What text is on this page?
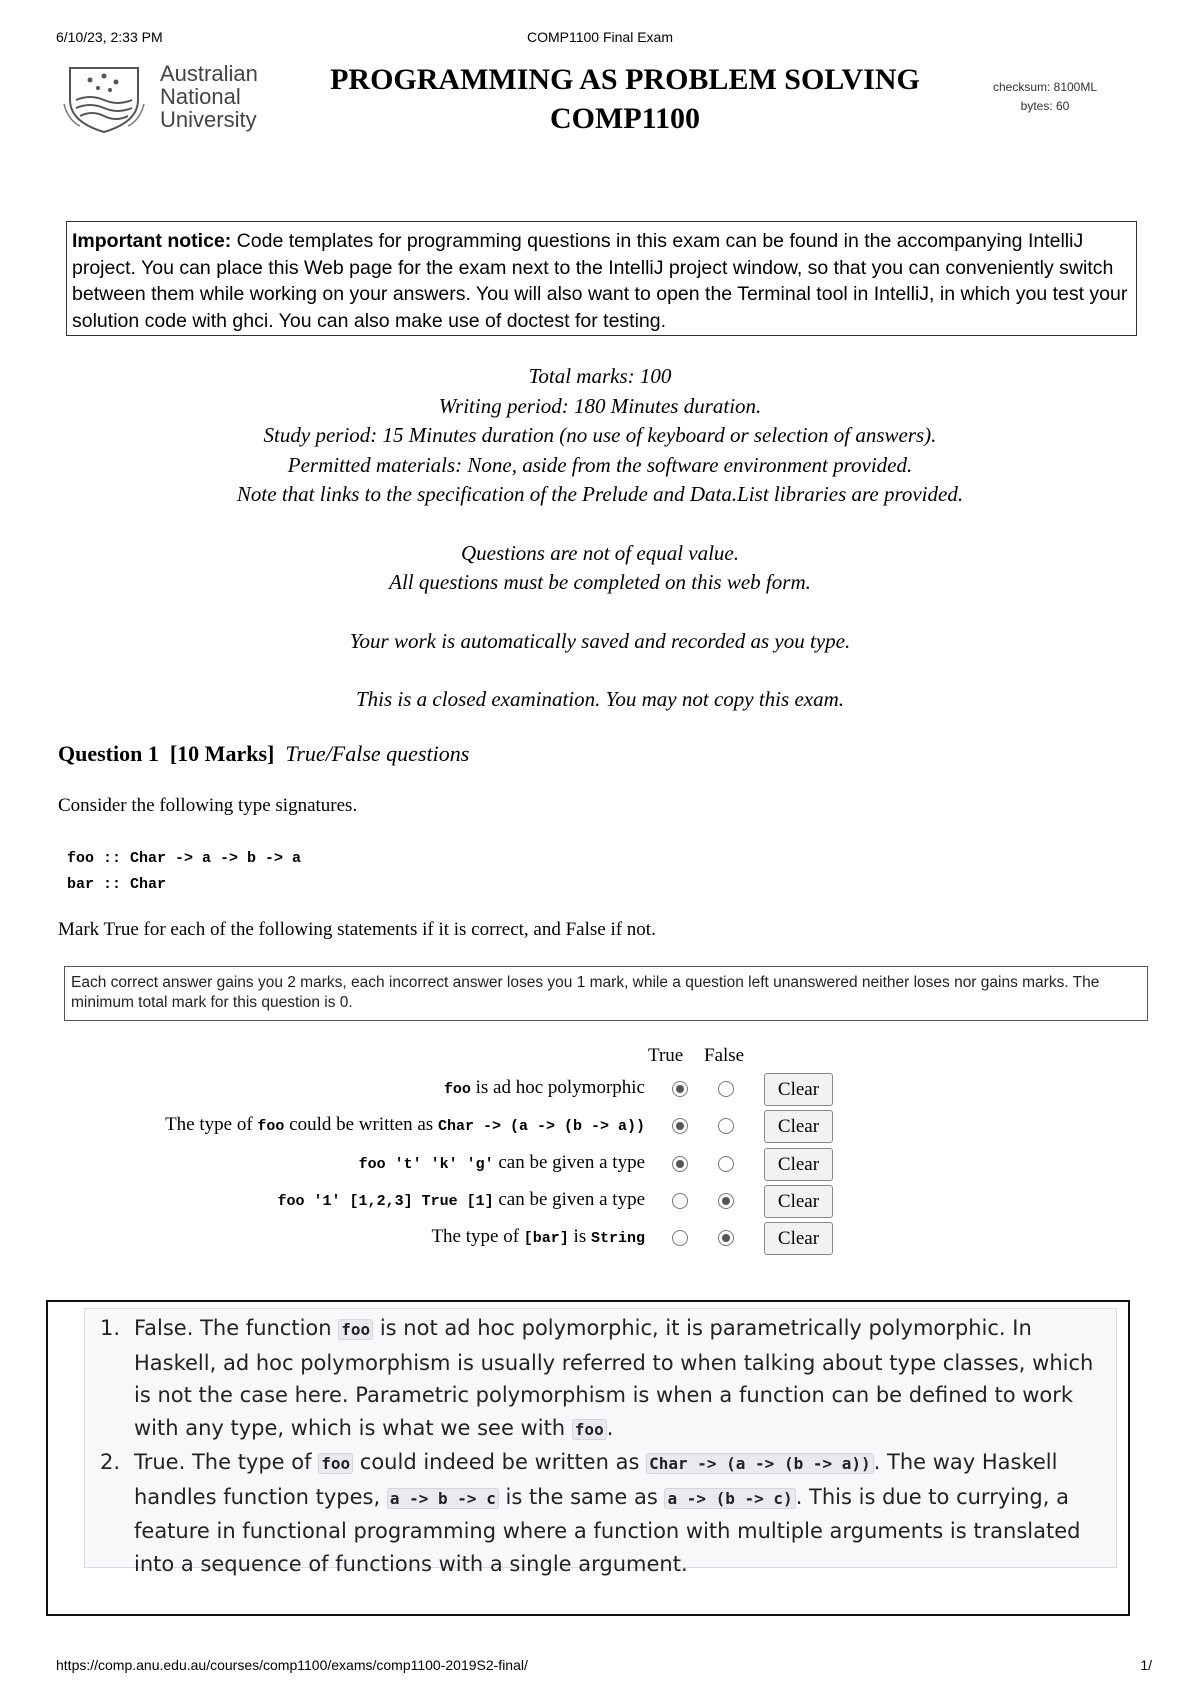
6/10/23, 2:33 PM	COMP1100 Final Exam
Australian
National
University
PROGRAMMING AS PROBLEM SOLVING
COMP1100
checksum: 8100ML
bytes: 60
Important notice: Code templates for programming questions in this exam can be found in the accompanying IntelliJ project. You can place this Web page for the exam next to the IntelliJ project window, so that you can conveniently switch between them while working on your answers. You will also want to open the Terminal tool in IntelliJ, in which you test your solution code with ghci. You can also make use of doctest for testing.

Total marks: 100

Writing period: 180 Minutes duration.

Study period: 15 Minutes duration (no use of keyboard or selection of answers).

Permitted materials: None, aside from the software environment provided.

Note that links to the specification of the Prelude and Data.List libraries are provided.

Questions are not of equal value.

All questions must be completed on this web form.

Your work is automatically saved and recorded as you type.

This is a closed examination. You may not copy this exam.

Question 1 [10 Marks] True/False questions
Consider the following type signatures.
foo :: Char -> a -> b -> a
bar :: Char
Mark True for each of the following statements if it is correct, and False if not.
Each correct answer gains you 2 marks, each incorrect answer loses you 1 mark, while a question left unanswered neither loses nor gains marks. The minimum total mark for this question is 0.
True False
foo is ad hoc polymorphic	Clear
The type of foo could be written as Char -> (a -> (b -> a))	Clear
foo 't' 'k' 'g' can be given a type	Clear
foo '1' [1,2,3] True [1] can be given a type	Clear
The type of [bar] is String	Clear
1. False. The function foo is not ad hoc polymorphic, it is parametrically polymorphic. In Haskell, ad hoc polymorphism is usually referred to when talking about type classes, which is not the case here. Parametric polymorphism is when a function can be defined to work with any type, which is what we see with foo .
2. True. The type of foo could indeed be written as Char -> (a -> (b -> a)) . The way Haskell handles function types, a -> b -> c is the same as a -> (b -> c) . This is due to currying, a feature in functional programming where a function with multiple arguments is translated into a sequence of functions with a single argument.
https://comp.anu.edu.au/courses/comp1100/exams/comp1100-2019S2-final/	1/
